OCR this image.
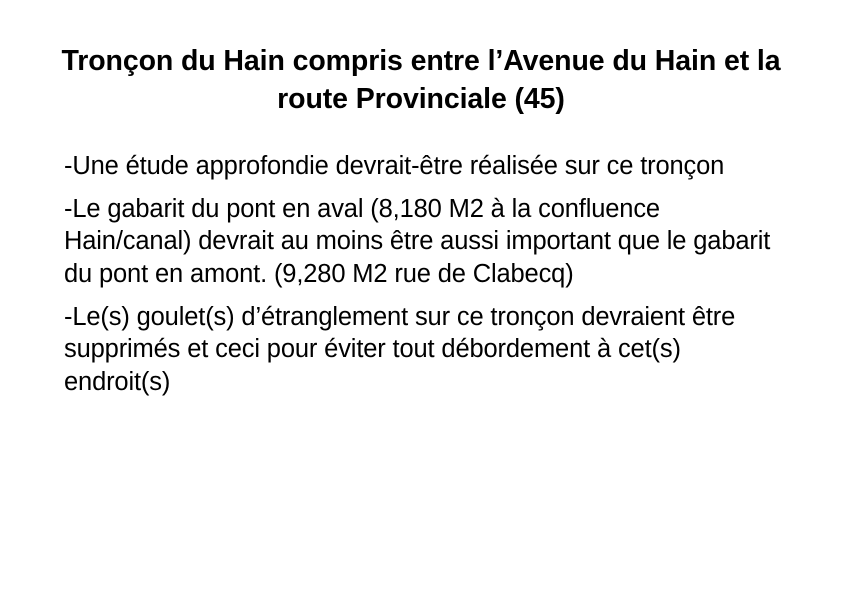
Tronçon du Hain compris entre l’Avenue du Hain et la route Provinciale (45)

-Une étude approfondie devrait-être réalisée sur ce tronçon

-Le gabarit du pont en aval (8,180 M2 à la confluence Hain/canal) devrait au moins être aussi important que le gabarit du pont en amont. (9,280 M2 rue de Clabecq)

-Le(s) goulet(s) d’étranglement sur ce tronçon devraient être supprimés et ceci pour éviter tout débordement à cet(s) endroit(s)
